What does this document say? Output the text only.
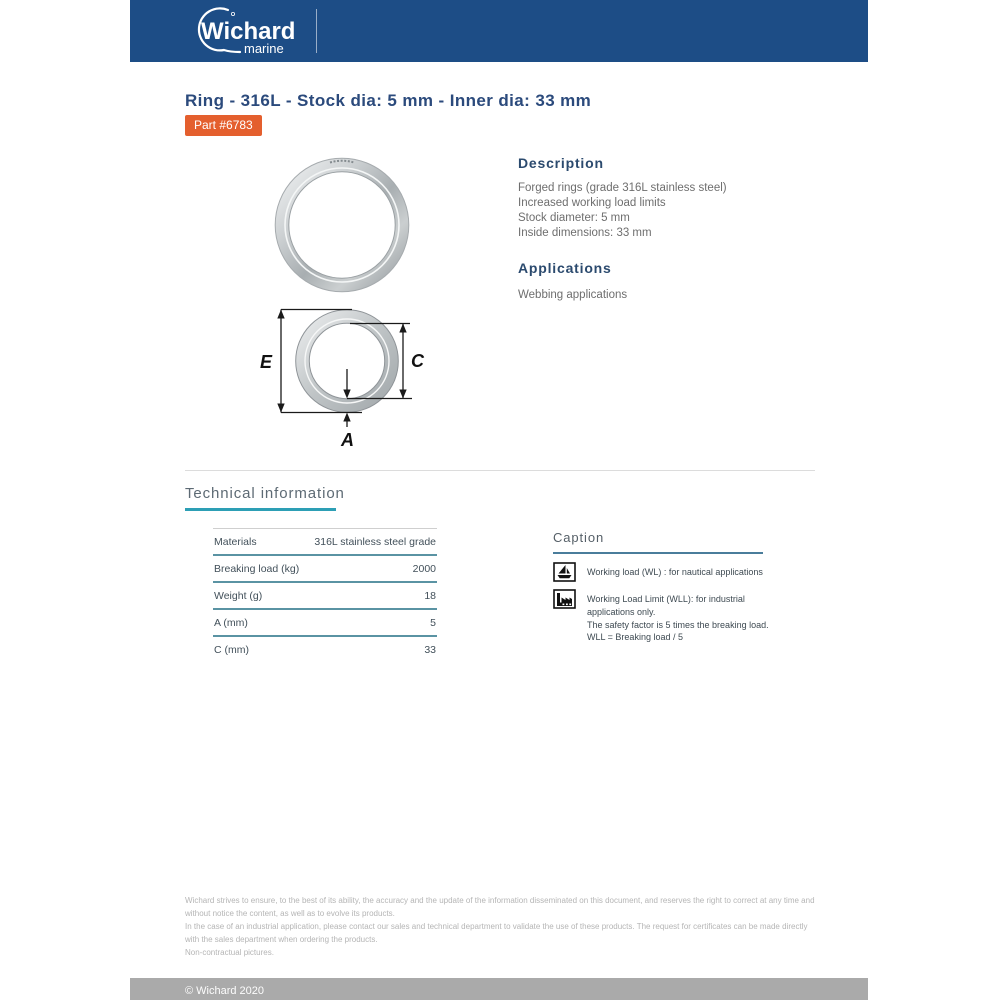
Wichard
marine
Ring - 316L - Stock dia: 5 mm - Inner dia: 33 mm
Part #6783
E	C
A
Description
Forged rings (grade 316L stainless steel)
Increased working load limits
Stock diameter: 5 mm
Inside dimensions: 33 mm
Applications
Webbing applications
Technical information
Materials	316L stainless steel grade
Breaking load (kg)	2000
Weight (g)	18
A (mm)	5
C (mm)	33
Caption
Working load (WL) : for nautical applications
Working Load Limit (WLL): for industrial
applications only.
The safety factor is 5 times the breaking load.
WLL = Breaking load / 5

Wichard strives to ensure, to the best of its ability, the accuracy and the update of the information disseminated on this document, and reserves the right to correct at any time and without notice the content, as well as to evolve its products.

In the case of an industrial application, please contact our sales and technical department to validate the use of these products. The request for certificates can be made directly with the sales department when ordering the products.

Non-contractual pictures.

© Wichard 2020
